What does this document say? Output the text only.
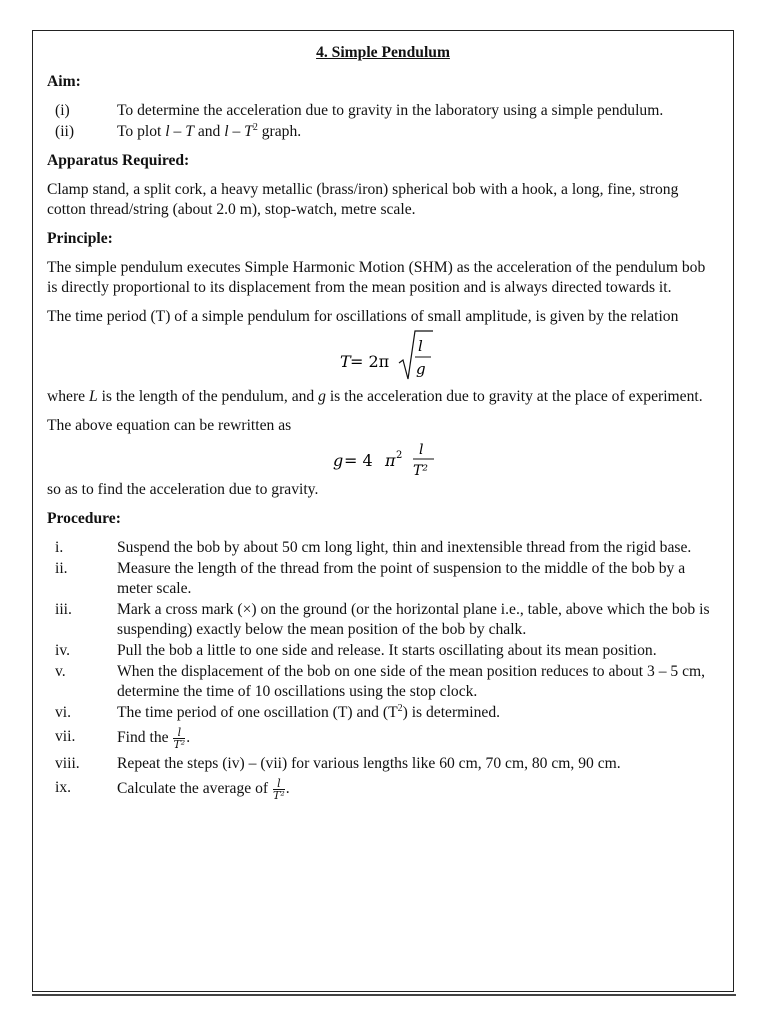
4. Simple Pendulum
Aim:
(i)	To determine the acceleration due to gravity in the laboratory using a simple pendulum.
(ii)	To plot l – T and l – $T^2$ graph.
Apparatus Required:

Clamp stand, a split cork, a heavy metallic (brass/iron) spherical bob with a hook, a long, fine, strong cotton thread/string (about 2.0 m), stop-watch, metre scale.

Principle:

The simple pendulum executes Simple Harmonic Motion (SHM) as the acceleration of the pendulum bob is directly proportional to its displacement from the mean position and is always directed towards it.

The time period (T) of a simple pendulum for oscillations of small amplitude, is given by the relation

T = 2π
l
g

where L is the length of the pendulum, and g is the acceleration due to gravity at the place of experiment.

The above equation can be rewritten as

g = 4 π 2 l
T²

so as to find the acceleration due to gravity.

Procedure:
i.	Suspend the bob by about 50 cm long light, thin and inextensible thread from the rigid base.
ii.	Measure the length of the thread from the point of suspension to the middle of the bob by a meter scale.
iii.	Mark a cross mark (×) on the ground (or the horizontal plane i.e., table, above which the bob is suspending) exactly below the mean position of the bob by chalk.
iv.	Pull the bob a little to one side and release. It starts oscillating about its mean position.
v.	When the displacement of the bob on one side of the mean position reduces to about 3 – 5 cm, determine the time of 10 oscillations using the stop clock.
vi.	The time period of one oscillation (T) and $(T^2)$ is determined.
vii.	Find the $\frac{l}{\text{T²}}$ .
viii.	Repeat the steps (iv) – (vii) for various lengths like 60 cm, 70 cm, 80 cm, 90 cm.
ix.	Calculate the average of $\frac{l}{\text{T²}}$ .
